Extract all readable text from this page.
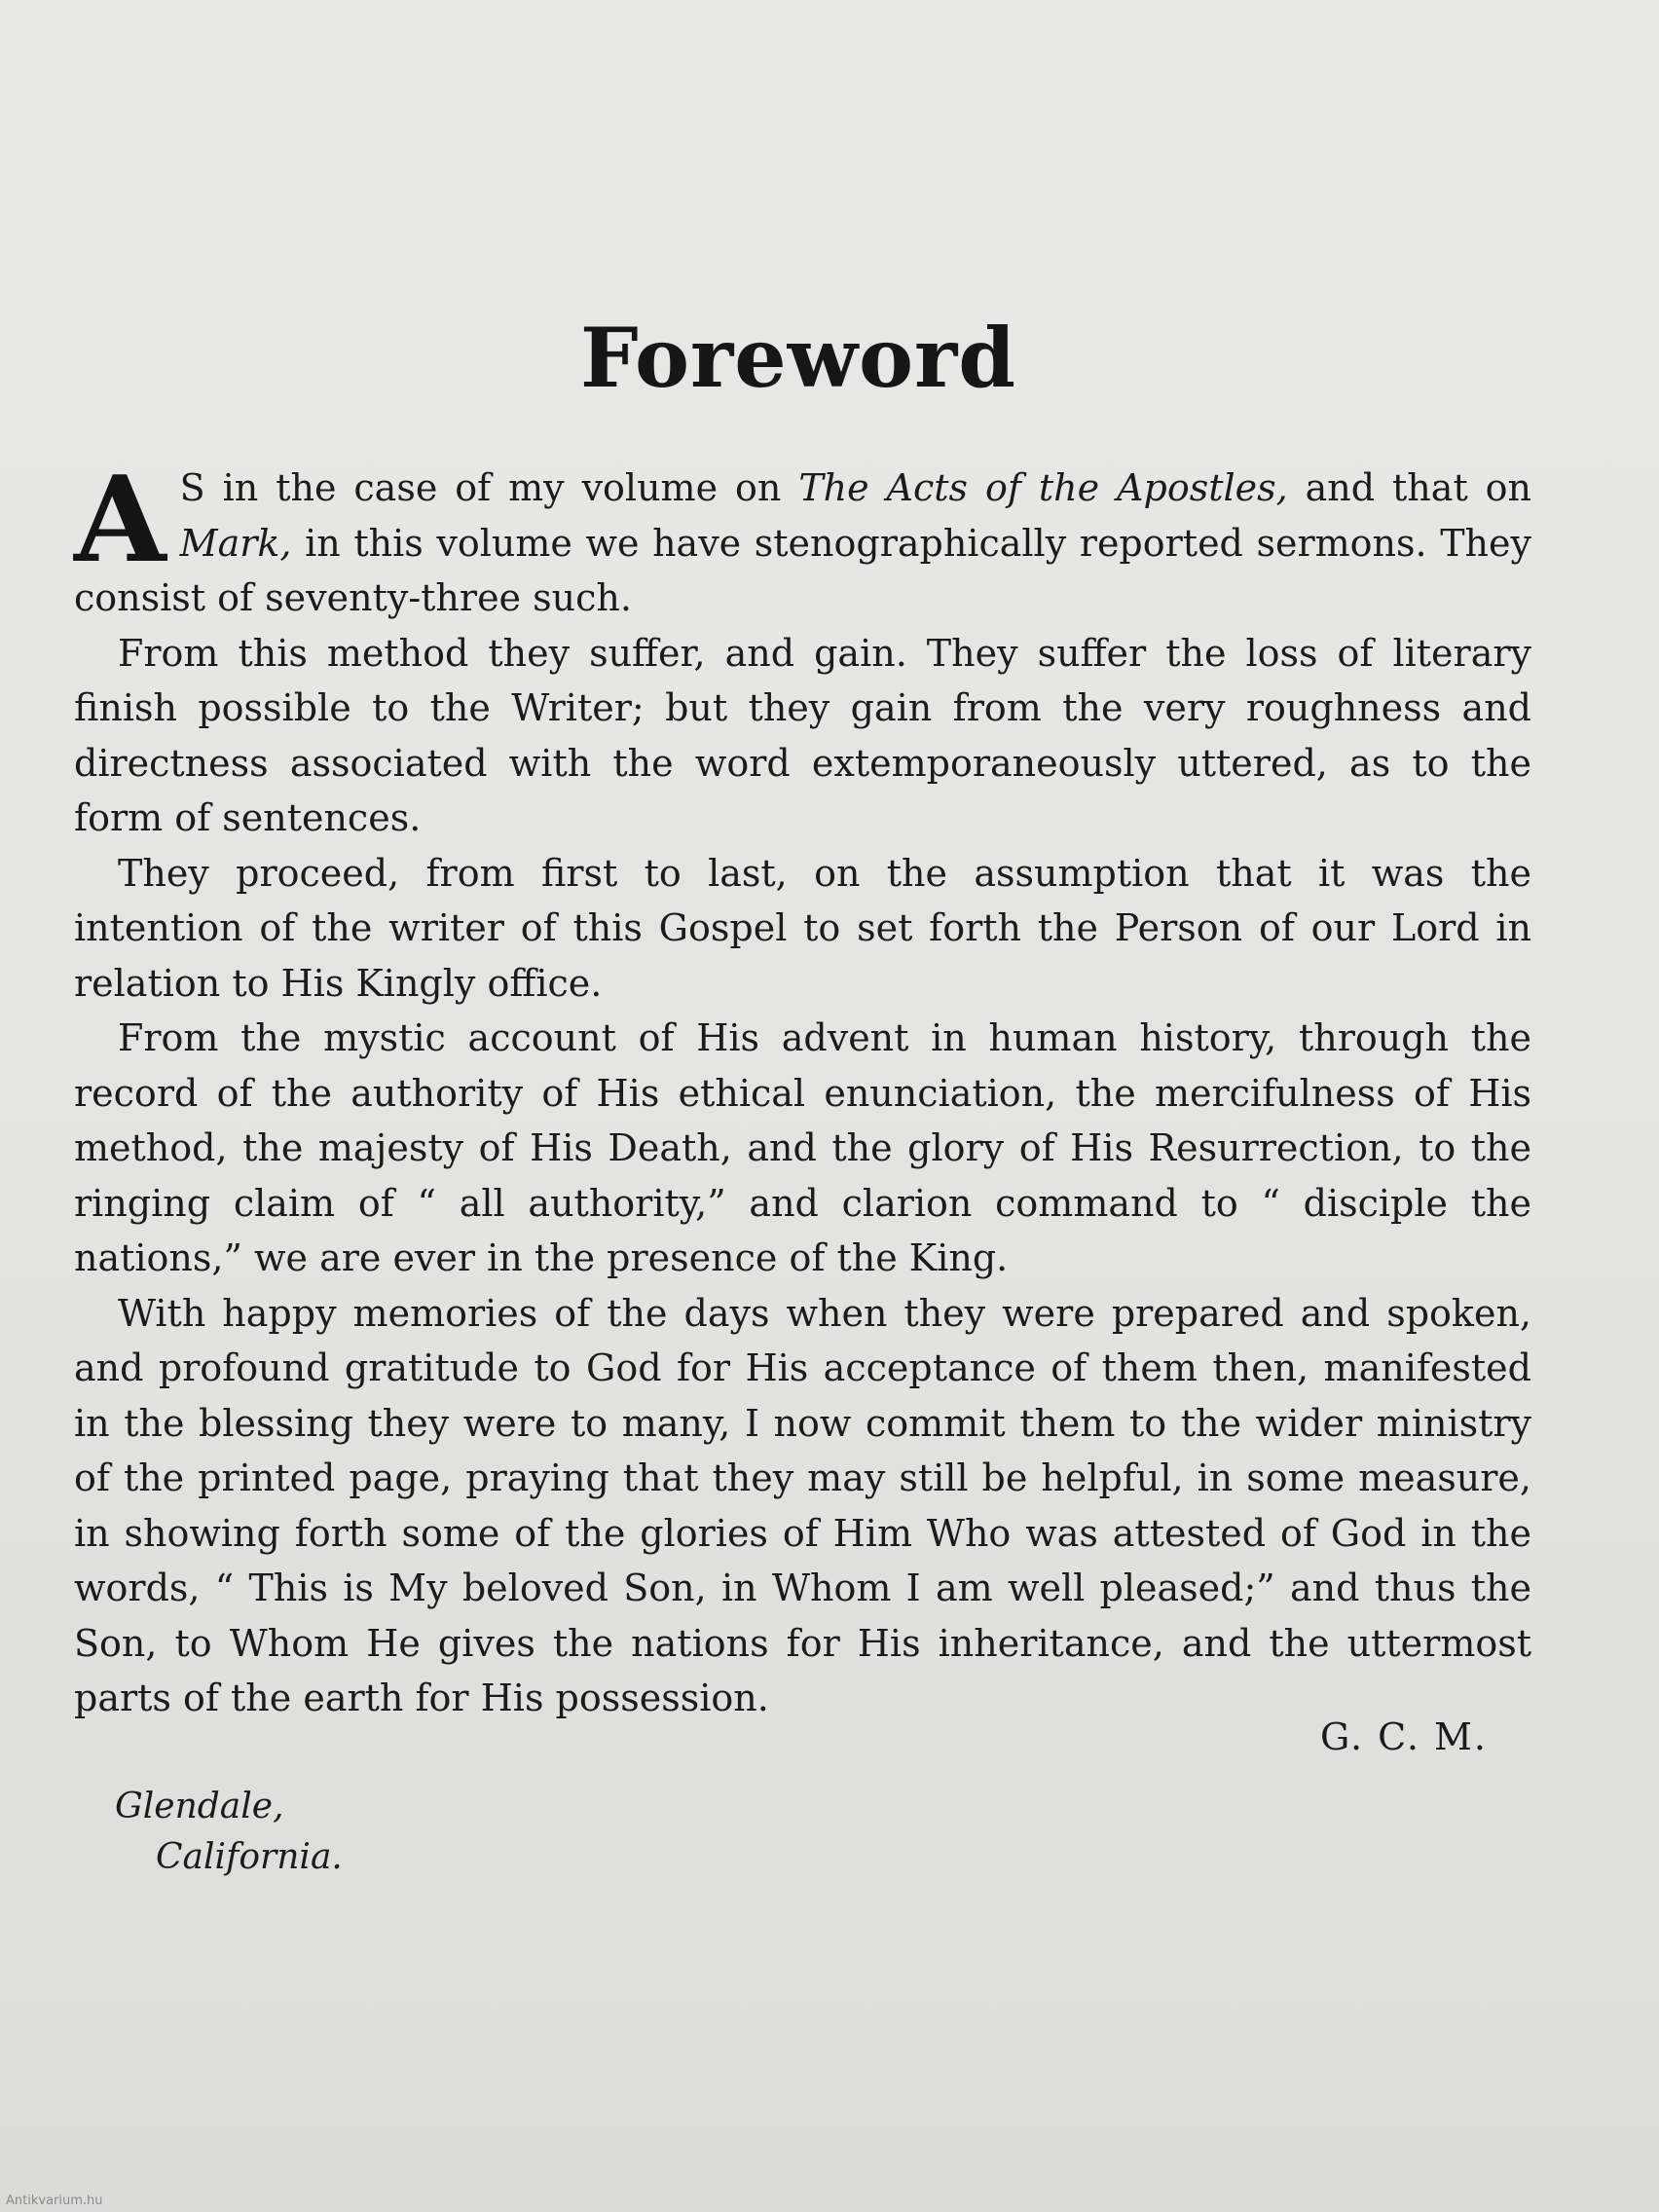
Foreword

A S in the case of my volume on The Acts of the Apostles, and that on Mark, in this volume we have stenographically reported sermons. They consist of seventy-three such.

From this method they suffer, and gain. They suffer the loss of literary finish possible to the Writer; but they gain from the very roughness and directness associated with the word extemporaneously uttered, as to the form of sentences.

They proceed, from first to last, on the assumption that it was the intention of the writer of this Gospel to set forth the Person of our Lord in relation to His Kingly office.

From the mystic account of His advent in human history, through the record of the authority of His ethical enunciation, the mercifulness of His method, the majesty of His Death, and the glory of His Resurrection, to the ringing claim of “ all authority,” and clarion command to “ disciple the nations,” we are ever in the presence of the King.

With happy memories of the days when they were prepared and spoken, and profound gratitude to God for His acceptance of them then, manifested in the blessing they were to many, I now commit them to the wider ministry of the printed page, praying that they may still be helpful, in some measure, in showing forth some of the glories of Him Who was attested of God in the words, “ This is My beloved Son, in Whom I am well pleased;” and thus the Son, to Whom He gives the nations for His inheritance, and the uttermost parts of the earth for His possession.

G. C. M.
Glendale,
California.
Antikvarium.hu
